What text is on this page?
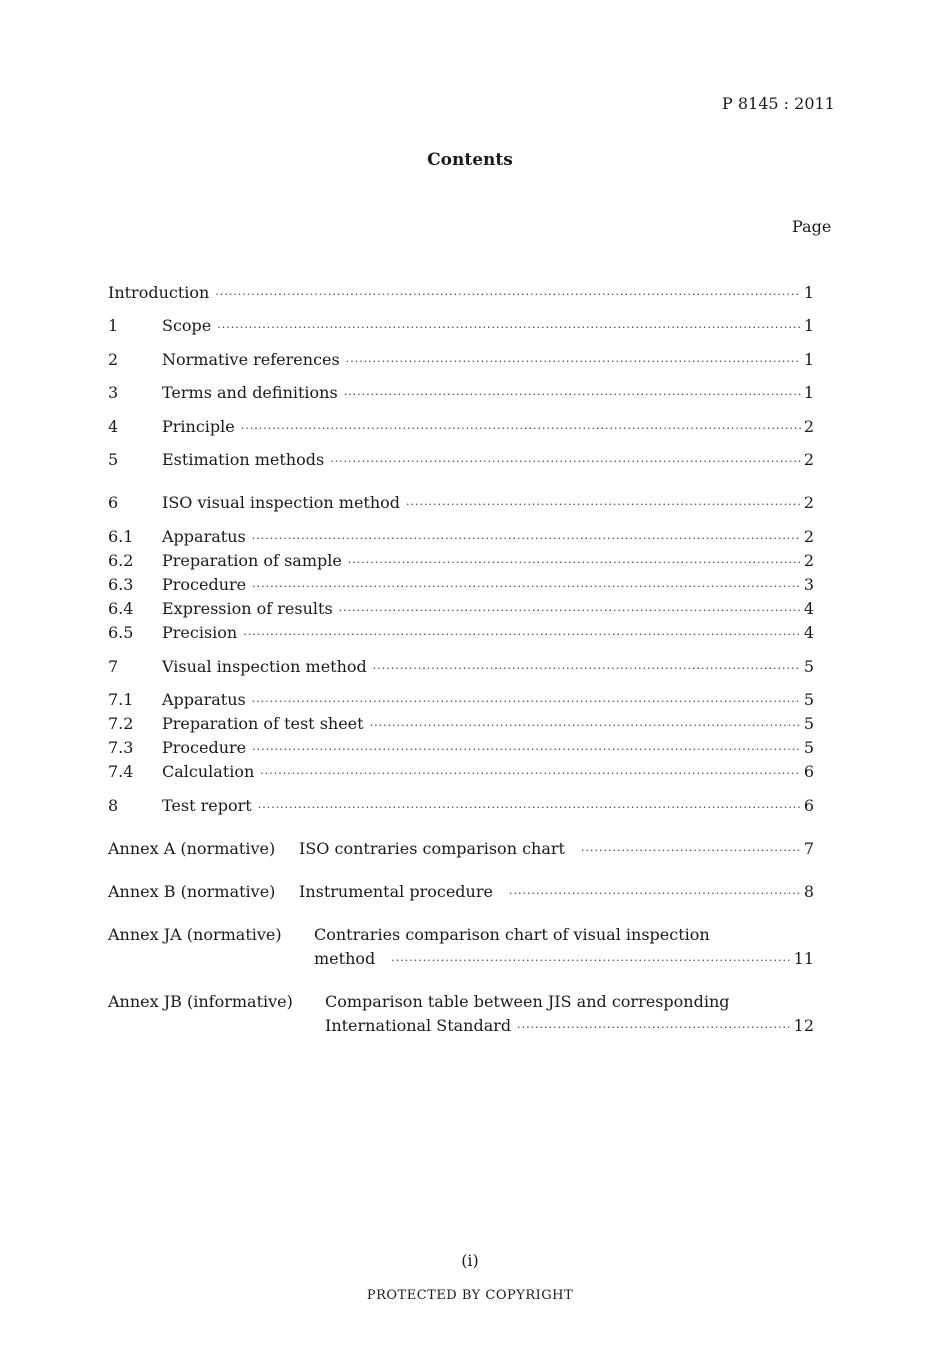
P 8145 : 2011
Contents
Page
Introduction ·····	1
1	Scope ·····	1
2	Normative references ·····	1
3	Terms and definitions ·····	1
4	Principle ·····	2
5	Estimation methods ·····	2
6	ISO visual inspection method ·····	2
6.1	Apparatus ·····	2
6.2	Preparation of sample ·····	2
6.3	Procedure ·····	3
6.4	Expression of results ·····	4
6.5	Precision ·····	4
7	Visual inspection method ·····	5
7.1	Apparatus ·····	5
7.2	Preparation of test sheet ·····	5
7.3	Procedure ·····	5
7.4	Calculation ·····	6
8	Test report ·····	6
Annex A (normative)	ISO contraries comparison chart ·····	7
Annex B (normative)	Instrumental procedure ·····	8
Annex JA (normative) Contraries comparison chart of visual inspection
method ·····	11
Annex JB (informative) Comparison table between JIS and corresponding
International Standard ·····	12
(i)
PROTECTED BY COPYRIGHT
